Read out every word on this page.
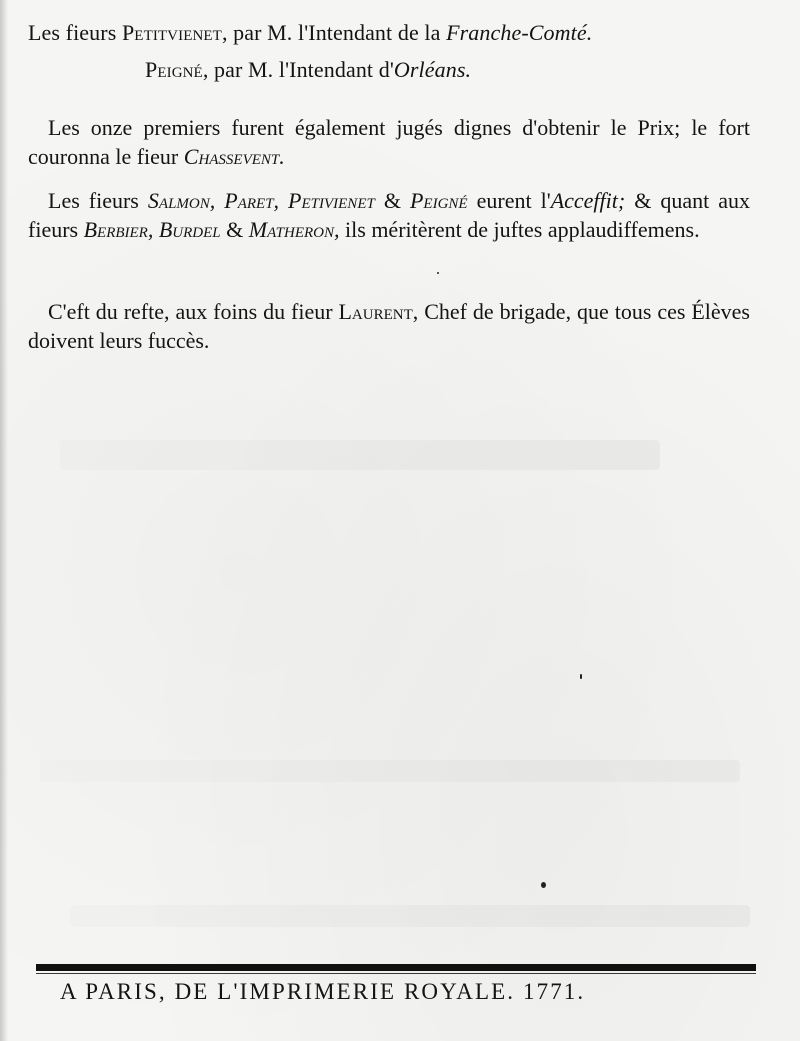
Les fieurs Petitvienet, par M. l'Intendant de la Franche-Comté.
Peigné, par M. l'Intendant d'Orléans.
Les onze premiers furent également jugés dignes d'obtenir le Prix; le fort couronna le fieur Chassevent.
Les fieurs Salmon, Paret, Petivienet & Peigné eurent l'Acceffit; & quant aux fieurs Berbier, Burdel & Matheron, ils méritèrent de juftes applaudiffemens.
C'eft du refte, aux foins du fieur Laurent, Chef de brigade, que tous ces Élèves doivent leurs fuccès.
A PARIS, DE L'IMPRIMERIE ROYALE. 1771.
